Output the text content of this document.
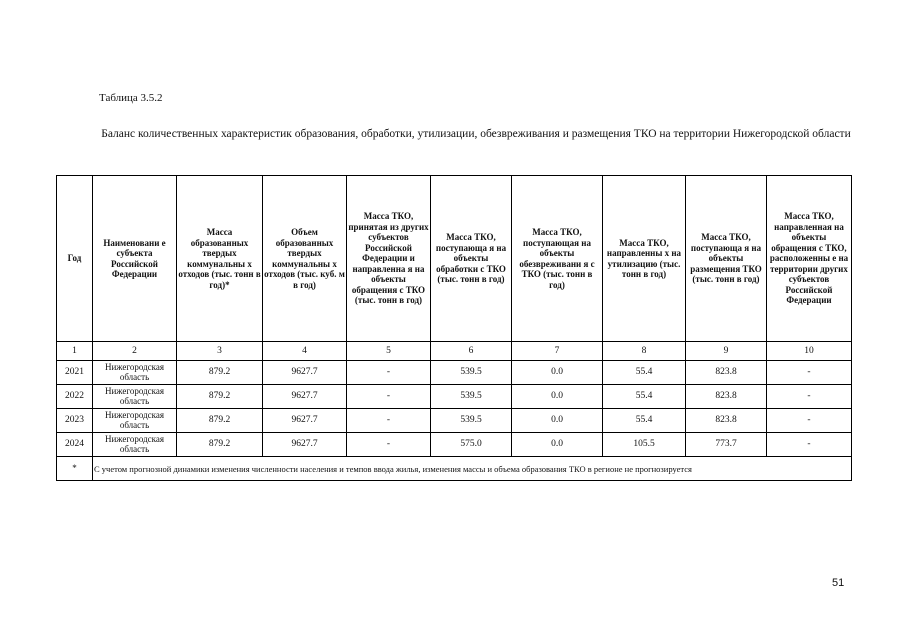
Таблица 3.5.2
Баланс количественных характеристик образования, обработки, утилизации, обезвреживания и размещения ТКО на территории Нижегородской области
Год	Наименовани е субъекта Российской Федерации	Масса образованных твердых коммунальны х отходов (тыс. тонн в год)*	Объем образованных твердых коммунальны х отходов (тыс. куб. м в год)	Масса ТКО, принятая из других субъектов Российской Федерации и направленна я на объекты обращения с ТКО (тыс. тонн в год)	Масса ТКО, поступающа я на объекты обработки с ТКО (тыс. тонн в год)	Масса ТКО, поступающая на объекты обезвреживани я с ТКО (тыс. тонн в год)	Масса ТКО, направленны х на утилизацию (тыс. тонн в год)	Масса ТКО, поступающа я на объекты размещения ТКО (тыс. тонн в год)	Масса ТКО, направленная на объекты обращения с ТКО, расположенны е на территории других субъектов Российской Федерации
1	2	3	4	5	6	7	8	9	10
2021	Нижегородская область	879.2	9627.7	-	539.5	0.0	55.4	823.8	-
2022	Нижегородская область	879.2	9627.7	-	539.5	0.0	55.4	823.8	-
2023	Нижегородская область	879.2	9627.7	-	539.5	0.0	55.4	823.8	-
2024	Нижегородская область	879.2	9627.7	-	575.0	0.0	105.5	773.7	-
*	С учетом прогнозной динамики изменения численности населения и темпов ввода жилья, изменения массы и объема образования ТКО в регионе не прогнозируется								
51
